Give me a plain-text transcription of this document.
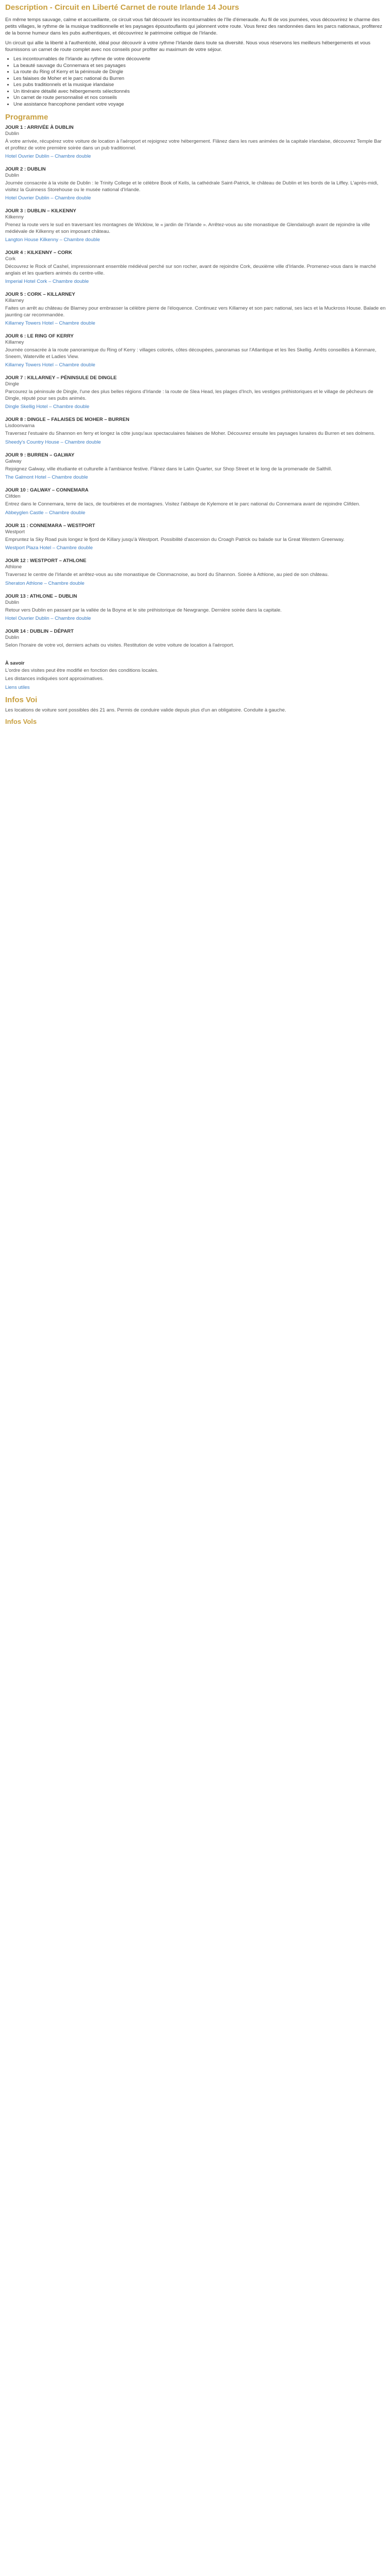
Description - Circuit en Liberté Carnet de route Irlande 14 Jours

En même temps sauvage, calme et accueillante, ce circuit vous fait découvrir les incontournables de l'île d'émeraude. Au fil de vos journées, vous découvrirez le charme des petits villages, le rythme de la musique traditionnelle et les paysages époustouflants qui jalonnent votre route. Vous ferez des randonnées dans les parcs nationaux, profiterez de la bonne humeur dans les pubs authentiques, et découvrirez le patrimoine celtique de l'Irlande.

Un circuit qui allie la liberté à l'authenticité, idéal pour découvrir à votre rythme l'Irlande dans toute sa diversité. Nous vous réservons les meilleurs hébergements et vous fournissons un carnet de route complet avec nos conseils pour profiter au maximum de votre séjour.

• Les incontournables de l'Irlande au rythme de votre découverte
• La beauté sauvage du Connemara et ses paysages
• La route du Ring of Kerry et la péninsule de Dingle
• Les falaises de Moher et le parc national du Burren
• Les pubs traditionnels et la musique irlandaise
• Un itinéraire détaillé avec hébergements sélectionnés
• Un carnet de route personnalisé et nos conseils
• Une assistance francophone pendant votre voyage
Programme
JOUR 1 : ARRIVÉE À DUBLIN
Dublin
À votre arrivée, récupérez votre voiture de location à l'aéroport et rejoignez votre hébergement. Flânez dans les rues animées de la capitale irlandaise, découvrez Temple Bar et profitez de votre première soirée dans un pub traditionnel.
Hotel Ouvrier Dublin – Chambre double
JOUR 2 : DUBLIN
Dublin
Journée consacrée à la visite de Dublin : le Trinity College et le célèbre Book of Kells, la cathédrale Saint-Patrick, le château de Dublin et les bords de la Liffey. L'après-midi, visitez la Guinness Storehouse ou le musée national d'Irlande.
Hotel Ouvrier Dublin – Chambre double
JOUR 3 : DUBLIN – KILKENNY
Kilkenny
Prenez la route vers le sud en traversant les montagnes de Wicklow, le « jardin de l'Irlande ». Arrêtez-vous au site monastique de Glendalough avant de rejoindre la ville médiévale de Kilkenny et son imposant château.
Langton House Kilkenny – Chambre double
JOUR 4 : KILKENNY – CORK
Cork
Découvrez le Rock of Cashel, impressionnant ensemble médiéval perché sur son rocher, avant de rejoindre Cork, deuxième ville d'Irlande. Promenez-vous dans le marché anglais et les quartiers animés du centre-ville.
Imperial Hotel Cork – Chambre double
JOUR 5 : CORK – KILLARNEY
Killarney
Faites un arrêt au château de Blarney pour embrasser la célèbre pierre de l'éloquence. Continuez vers Killarney et son parc national, ses lacs et la Muckross House. Balade en jaunting car recommandée.
Killarney Towers Hotel – Chambre double
JOUR 6 : LE RING OF KERRY
Killarney
Journée consacrée à la route panoramique du Ring of Kerry : villages colorés, côtes découpées, panoramas sur l'Atlantique et les îles Skellig. Arrêts conseillés à Kenmare, Sneem, Waterville et Ladies View.
Killarney Towers Hotel – Chambre double
JOUR 7 : KILLARNEY – PÉNINSULE DE DINGLE
Dingle
Parcourez la péninsule de Dingle, l'une des plus belles régions d'Irlande : la route de Slea Head, les plages d'Inch, les vestiges préhistoriques et le village de pêcheurs de Dingle, réputé pour ses pubs animés.
Dingle Skellig Hotel – Chambre double
JOUR 8 : DINGLE – FALAISES DE MOHER – BURREN
Lisdoonvarna
Traversez l'estuaire du Shannon en ferry et longez la côte jusqu'aux spectaculaires falaises de Moher. Découvrez ensuite les paysages lunaires du Burren et ses dolmens.
Sheedy's Country House – Chambre double
JOUR 9 : BURREN – GALWAY
Galway
Rejoignez Galway, ville étudiante et culturelle à l'ambiance festive. Flânez dans le Latin Quarter, sur Shop Street et le long de la promenade de Salthill.
The Galmont Hotel – Chambre double
JOUR 10 : GALWAY – CONNEMARA
Clifden
Entrez dans le Connemara, terre de lacs, de tourbières et de montagnes. Visitez l'abbaye de Kylemore et le parc national du Connemara avant de rejoindre Clifden.
Abbeyglen Castle – Chambre double
JOUR 11 : CONNEMARA – WESTPORT
Westport
Empruntez la Sky Road puis longez le fjord de Killary jusqu'à Westport. Possibilité d'ascension du Croagh Patrick ou balade sur la Great Western Greenway.
Westport Plaza Hotel – Chambre double
JOUR 12 : WESTPORT – ATHLONE
Athlone
Traversez le centre de l'Irlande et arrêtez-vous au site monastique de Clonmacnoise, au bord du Shannon. Soirée à Athlone, au pied de son château.
Sheraton Athlone – Chambre double
JOUR 13 : ATHLONE – DUBLIN
Dublin
Retour vers Dublin en passant par la vallée de la Boyne et le site préhistorique de Newgrange. Dernière soirée dans la capitale.
Hotel Ouvrier Dublin – Chambre double
JOUR 14 : DUBLIN – DÉPART
Dublin
Selon l'horaire de votre vol, derniers achats ou visites. Restitution de votre voiture de location à l'aéroport.
À savoir

L'ordre des visites peut être modifié en fonction des conditions locales.

Les distances indiquées sont approximatives.

Liens utiles
Infos Voi

Les locations de voiture sont possibles dès 21 ans. Permis de conduire valide depuis plus d'un an obligatoire. Conduite à gauche.

Infos Vols
